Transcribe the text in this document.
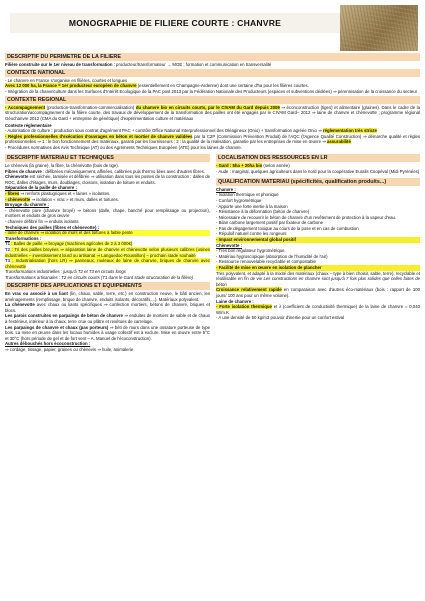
MONOGRAPHIE DE FILIERE COURTE : CHANVRE
DESCRIPTIF DU PERIMETRE DE LA FILIERE

Filière construite sur le 1er niveau de transformation : producteur/transformateur → MOE ; formation et communication en transversalité

CONTEXTE NATIONAL

- Le chanvre en France s'organise en filières, courtes et longues

Avec 12 000 ha, la France = 1er producteur européen de chanvre (essentiellement en Champagne-Ardenne) dont une certaine d'ha pour les filières courtes.

- Intégration de la chanvriculture dans les Surfaces d'Intérêt Ecologique de la PAC post 2013 par la Fédération Nationale des Producteurs (espaces et subventions dédiées) ⇒ pérennisation de la croissance du secteur

CONTEXTE REGIONAL

- Accompagnement (production-transformation-commercialisation) du chanvre bio en circuits courts, par le CIVAM du Gard depuis 2009 ⇒ éconconstruction (tiges) et alimentaire (graines). Dans le cadre de la structuration/accompagnement de la filière courte, des travaux de développement de la transformation des pailles ont été engagés par le CIVAM Gard– 2012 ⇒ laine de chanvre et chènevotte ; programme régional Géochanvre 2012 (CMA du Gard + entreprise de génétique) d'expérimentation culture et matériaux

Contexte réglementaire

- Autorisation de culture : production sous contrat d'agrément PAC + contrôle Office National Interprofessionnel des Oléagineux (Onio) + transformation agréée Onio ⇒ réglementation très stricte

- Règles professionnelles d'exécution d'ouvrages en béton et mortier de chanvre validées par la C2P (Commission Prévention Produit) de l'AQC (l'Agence Qualité Construction) ⇒ démarche qualité et règles professionnelles ⇒ 1 : le bon fonctionnement des matériaux, garanti par les fournisseurs ; 2 : la qualité de la réalisation, garantie par les entreprises de mise en œuvre ⇒ assurabilité

- Procédures normatives des Avis Technique (AT) ou des Agréments Techniques Européen (ATE) pour les laines de chanvre.

DESCRIPTIF MATERIAU ET TECHNIQUES

Le chènevis (la graine), la fibre, la chènevotte (bois de tige).

Fibres de chanvre : défibrées mécaniquement, affinées, calibrées puis thermo liées avec d'autres fibres.

Chènevotte est séchée, tamisée et défibrée ⇒ utilisation dans tous les postes de la construction : dalles de ROC, dalles d'étages, murs, doublages, cloisons, isolation de toiture et enduits.

Séparation de la paille de chanvre :

- fibres ⇒ renforts plastugriques et « laines » isolantes.

- chènevotte ⇒ isolation « vrac » et murs, dalles et toitures.

Broyage du chanvre :

- chènevotte pure (chanvre broyé) ⇒ bétons (dalle, chape, banché pour remplissage ou projection), mortiers et enduits de gros œuvre

- chanvre défibré fin ⇒ enduits isolants

Techniques des pailles (fibres et chènevotte) :

- laine de chanvre ⇒ isolation de murs et des toitures à faible pente

Transformations :

T1 : Balles de paille ⇒ broyage (machines agricoles de 2 à 3 000€)

T2 : Tri des pailles broyées ⇒ séparation laine de chanvre et chènevotte selon plusieurs calibres (usines industrielles – investissement lourd ou artisanat ⇒ Languedoc-Roussillon) – prochain stade souhaité

T3 : Industrialisation (hors LR) ⇒ panneaux, rouleaux de laine de chanvre, briques de chanvre avec chènevotte

Transformations industrielles : jusqu'à T2 et T3 en circuits longs

Transformations artisanales : T2 en circuits courts (T1 dans le Gard stade structuration de la filière)

DESCRIPTIF DES APPLICATIONS ET EQUIPEMENTS

En vrac ou associé à un liant (lin, chaux, sable, terre, etc.) en construction neuve, le bâti ancien, les aménagements (remplissage, brique de chanvre, enduits isolants, décoratifs,...). Matériaux polyvalent.

La chènevotte avec chaux ou liants spécifiques ⇒ confection mortiers, bétons de chanvre, briques et blocs.

Les parois construites en parpaings de béton de chanvre ⇒ enduites de mortiers de sable et de chaux à l'extérieur, intérieur à la chaux, terre crue ou plâtre et revêtues de carrelage.

Les parpaings de chanvre et chaux (pas porteurs) ⇒ béti de murs dans une ossature porteuse de type bois. La mise en œuvre dans les locaux humides à usage collectif est à exclure. Mise en œuvre entre 5°C et 30°C (hors période de gel et de fort vent – A. Manuel de l'écoconstruction).

Autres débouchés hors écoconstruction :

⇒ cordage, tissage, papier, graines ou chènevis ⇒ huile, animalerie

LOCALISATION DES RESSOURCES EN LR

- Gard : 5ha + 20ha bio (selon année)

- Aude : marginal, quelques agriculteurs dans le nord pour la coopérative Euralis Coopéval (Midi Pyrénées)

QUALIFICATION MATERIAU (spécificités, qualification produits...)

Chanvre :

- Isolation thermique et phonique
- Confort hygrométrique
- Apporte une forte inertie à la maison
- Résistance à la déformation (béton de chanvre)
- Nécessaire de recouvrir le béton de chanvre d'un revêtement de protection à la vapeur d'eau.
- Bilan carbone largement positif par fixateur de carbone
- Pas de dégagement toxique au cours de la pose et en cas de combustion
- Répulsif naturel contre les rongeurs
- Impact environnemental global positif

Chènevotte :

- Très bon régulateur hygrométrique
- Matériau hygroscopique (absorption de l'humidité de l'air)
- Ressource renouvelable recyclable et compostable
- Facilité de mise en œuvre en isolation de plancher

Très polyvalent, et adapté à la mixité des matériaux (chaux – type à bien choisir, sable, terre), recyclable et réutilisable en fin de vie Les constructions en chanvre sont jusqu'à 7 fois plus solides que celles faites de béton

Croissance relativement rapide en comparaison avec d'autres éco-matériaux (bois : rapport de 100 jours/ 100 ans pour un même volume).

Laine de chanvre :

- Forte isolation thermique et λ (coefficient de conductivité thermique) de la laine de chanvre = 0,040 W/m.K

- A une densité de 50 kg/m3 pouvoir d'inertie pour un confort estival
